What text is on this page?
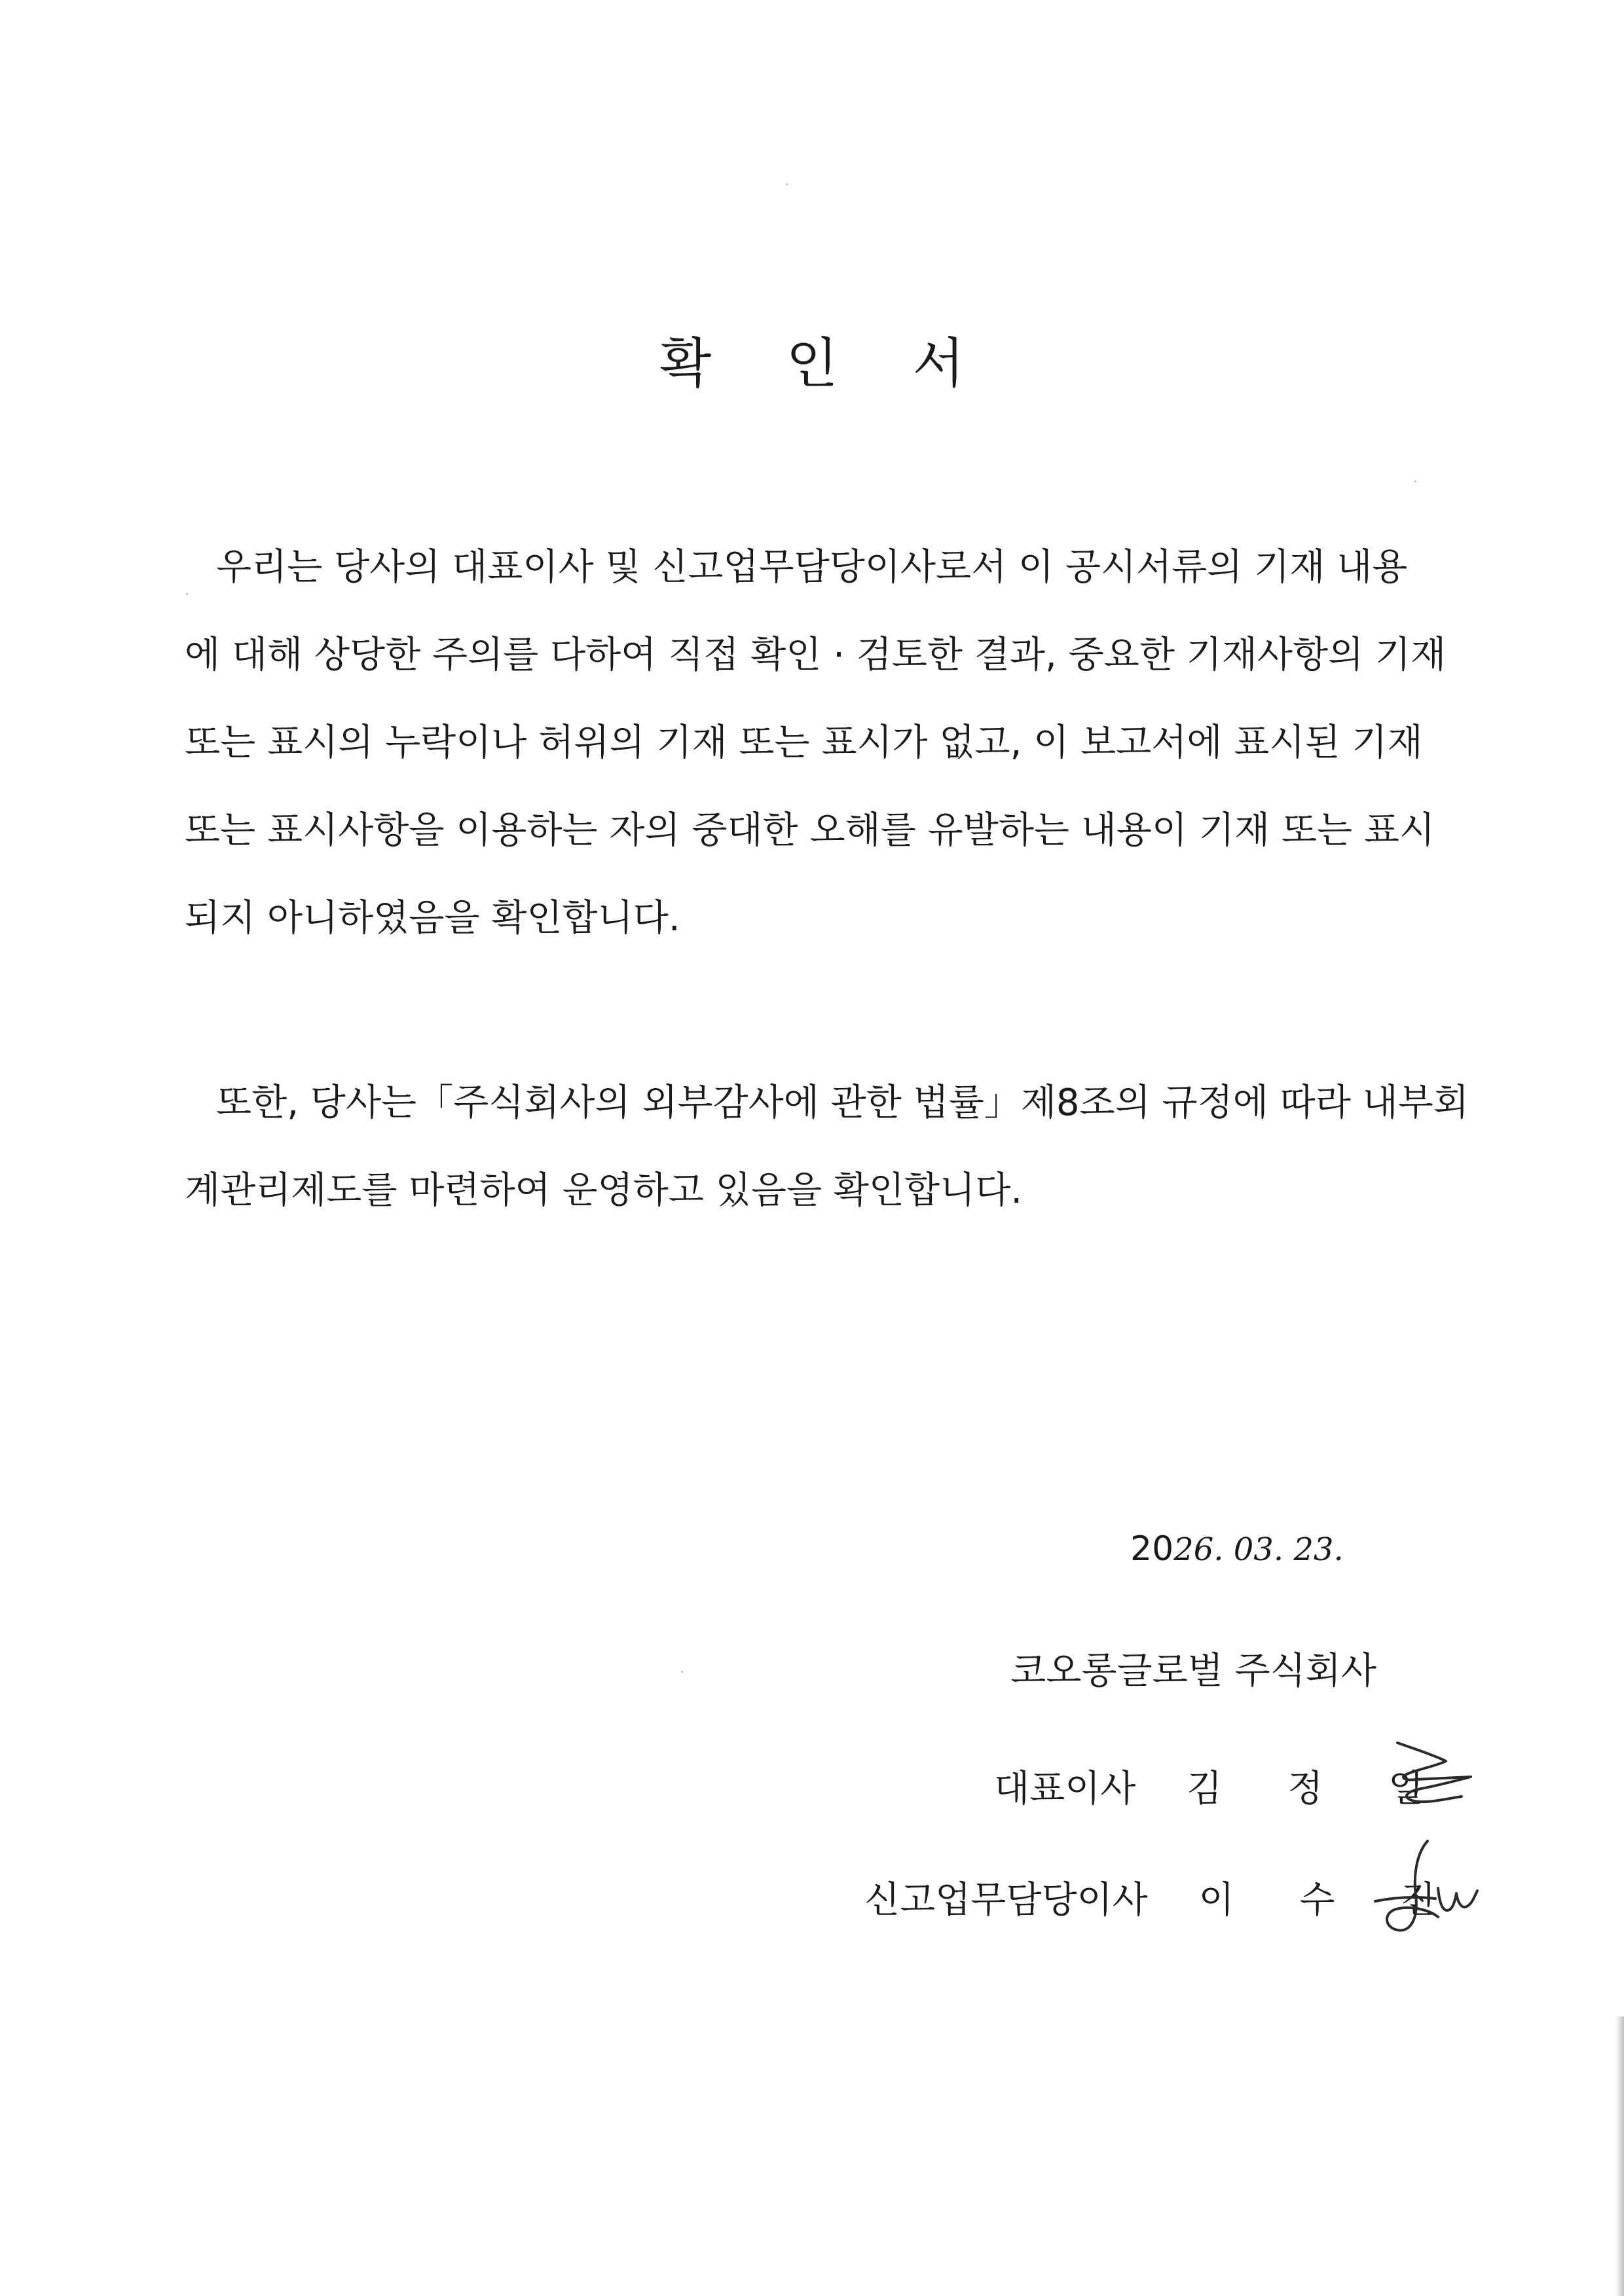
확 인 서
우리는 당사의 대표이사 및 신고업무담당이사로서 이 공시서류의 기재 내용
에 대해 상당한 주의를 다하여 직접 확인 · 검토한 결과, 중요한 기재사항의 기재
또는 표시의 누락이나 허위의 기재 또는 표시가 없고, 이 보고서에 표시된 기재
또는 표시사항을 이용하는 자의 중대한 오해를 유발하는 내용이 기재 또는 표시
되지 아니하였음을 확인합니다.
또한, 당사는「주식회사의 외부감사에 관한 법률」제8조의 규정에 따라 내부회
계관리제도를 마련하여 운영하고 있음을 확인합니다.
2026. 03. 23.
코오롱글로벌 주식회사
대표이사 김 정 일
신고업무담당이사 이 수 진
